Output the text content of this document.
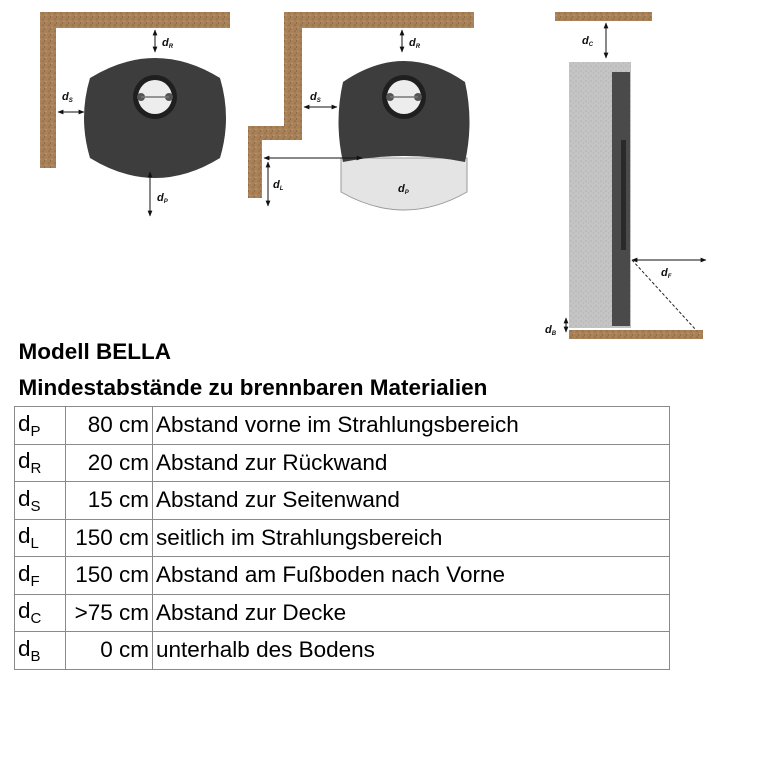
dR
dS
dP
dR
dS
dL	dP
dC
dF
dB
Modell BELLA		
Mindestabstände zu brennbaren Materialien		
$d_P$	80 cm	Abstand vorne im Strahlungsbereich
$d_R$	20 cm	Abstand zur Rückwand
$d_S$	15 cm	Abstand zur Seitenwand
$d_L$	150 cm	seitlich im Strahlungsbereich
$d_F$	150 cm	Abstand am Fußboden nach Vorne
$d_C$	>75 cm	Abstand zur Decke
$d_B$	0 cm	unterhalb des Bodens
